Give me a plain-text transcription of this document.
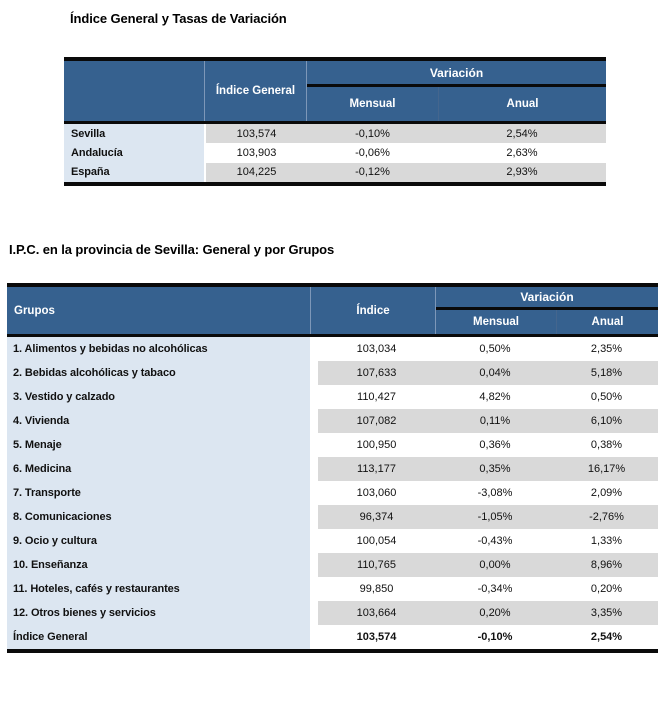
Índice General y Tasas de Variación
Índice General
Variación
Mensual	Anual
Sevilla	103,574	-0,10%	2,54%
Andalucía	103,903	-0,06%	2,63%
España	104,225	-0,12%	2,93%
I.P.C. en la provincia de Sevilla: General y por Grupos
Grupos	Índice
Variación
Mensual	Anual
1. Alimentos y bebidas no alcohólicas	103,034	0,50%	2,35%
2. Bebidas alcohólicas y tabaco	107,633	0,04%	5,18%
3. Vestido y calzado	110,427	4,82%	0,50%
4. Vivienda	107,082	0,11%	6,10%
5. Menaje	100,950	0,36%	0,38%
6. Medicina	113,177	0,35%	16,17%
7. Transporte	103,060	-3,08%	2,09%
8. Comunicaciones	96,374	-1,05%	-2,76%
9. Ocio y cultura	100,054	-0,43%	1,33%
10. Enseñanza	110,765	0,00%	8,96%
11. Hoteles, cafés y restaurantes	99,850	-0,34%	0,20%
12. Otros bienes y servicios	103,664	0,20%	3,35%
Índice General	103,574	-0,10%	2,54%
